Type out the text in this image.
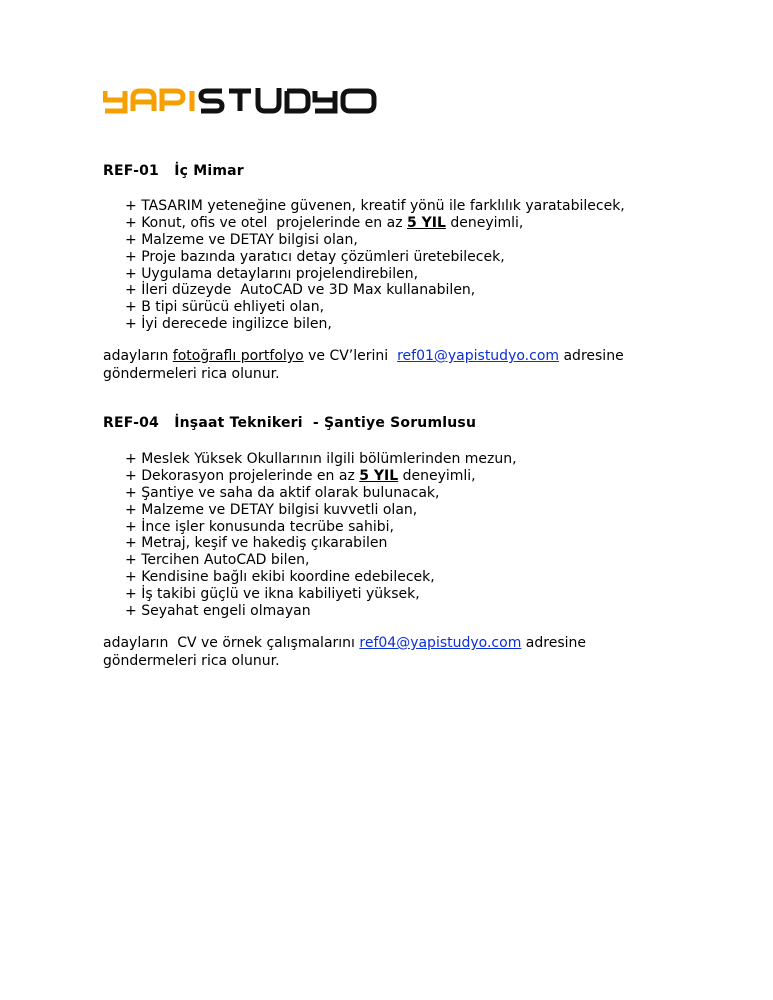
REF-01 İç Mimar
+ TASARIM yeteneğine güvenen, kreatif yönü ile farklılık yaratabilecek,
+ Konut, ofis ve otel  projelerinde en az 5 YIL deneyimli,
+ Malzeme ve DETAY bilgisi olan,
+ Proje bazında yaratıcı detay çözümleri üretebilecek,
+ Uygulama detaylarını projelendirebilen,
+ İleri düzeyde  AutoCAD ve 3D Max kullanabilen,
+ B tipi sürücü ehliyeti olan,
+ İyi derecede ingilizce bilen,
adayların fotoğraflı portfolyo ve CV’lerini  ref01@yapistudyo.com adresine
göndermeleri rica olunur.
REF-04 İnşaat Teknikeri  - Şantiye Sorumlusu
+ Meslek Yüksek Okullarının ilgili bölümlerinden mezun,
+ Dekorasyon projelerinde en az 5 YIL deneyimli,
+ Şantiye ve saha da aktif olarak bulunacak,
+ Malzeme ve DETAY bilgisi kuvvetli olan,
+ İnce işler konusunda tecrübe sahibi,
+ Metraj, keşif ve hakediş çıkarabilen
+ Tercihen AutoCAD bilen,
+ Kendisine bağlı ekibi koordine edebilecek,
+ İş takibi güçlü ve ikna kabiliyeti yüksek,
+ Seyahat engeli olmayan
adayların  CV ve örnek çalışmalarını ref04@yapistudyo.com adresine
göndermeleri rica olunur.
